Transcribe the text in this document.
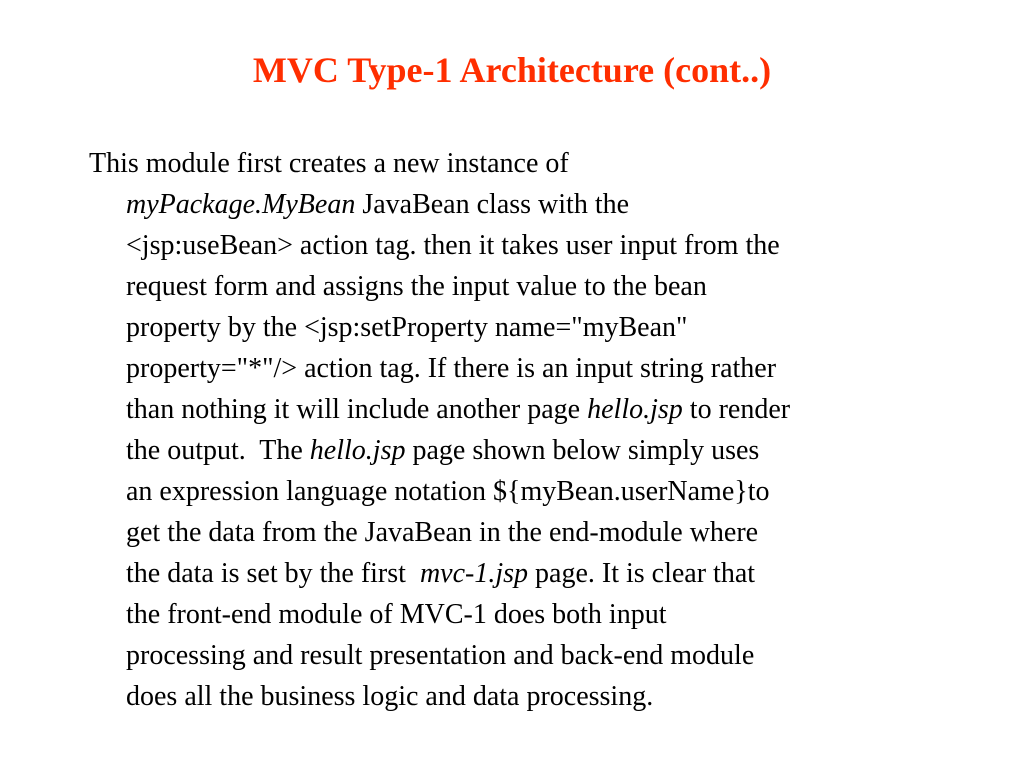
MVC Type-1 Architecture (cont..)
This module first creates a new instance of
myPackage.MyBean JavaBean class with the
<jsp:useBean> action tag. then it takes user input from the
request form and assigns the input value to the bean
property by the <jsp:setProperty name="myBean"
property="*"/> action tag. If there is an input string rather
than nothing it will include another page hello.jsp to render
the output.  The hello.jsp page shown below simply uses
an expression language notation ${myBean.userName}to
get the data from the JavaBean in the end-module where
the data is set by the first  mvc-1.jsp page. It is clear that
the front-end module of MVC-1 does both input
processing and result presentation and back-end module
does all the business logic and data processing.
